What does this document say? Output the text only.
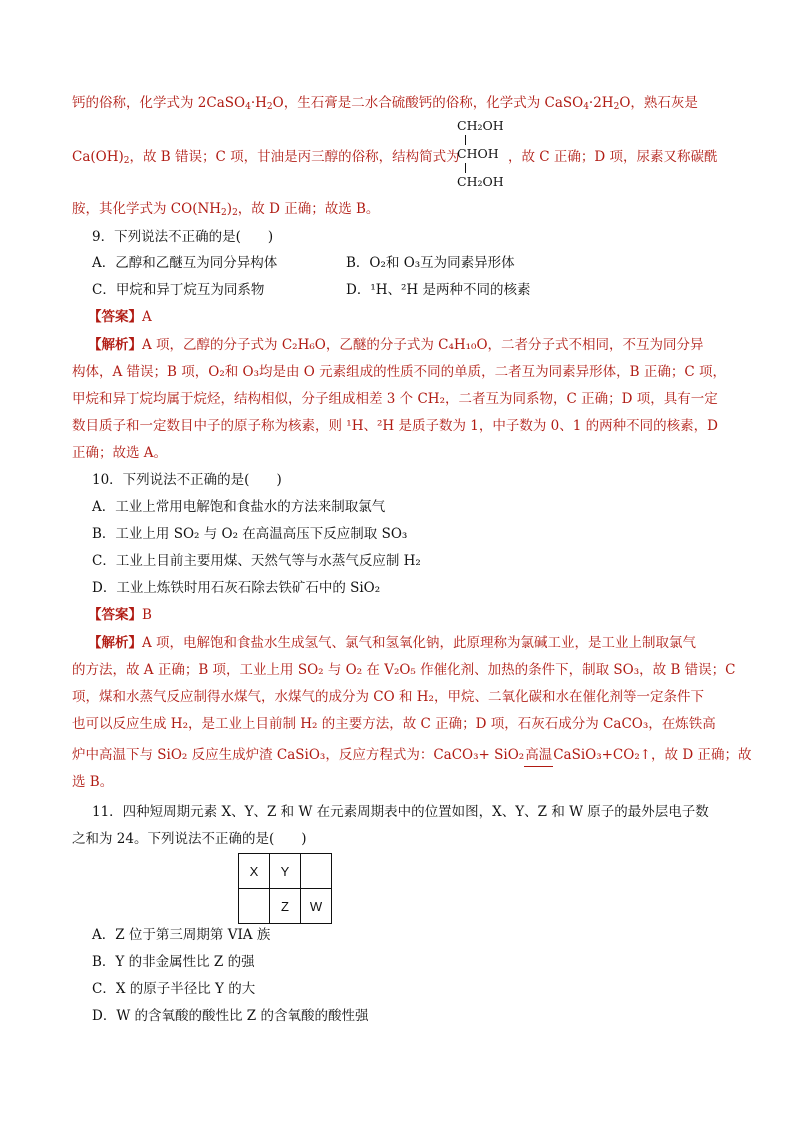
钙的俗称，化学式为 $2CaSO_4\cdot H_2O$，生石膏是二水合硫酸钙的俗称，化学式为 $CaSO_4\cdot 2H_2O$，熟石灰是
$Ca(OH)_2$，故 B 错误；C 项，甘油是丙三醇的俗称，结构简式为
CH₂OH
CHOH
CH₂OH
，故 C 正确；D 项，尿素又称碳酰
胺，其化学式为 $CO(NH_2)_2$，故 D 正确；故选 B。
9．下列说法不正确的是(　　)
A．乙醇和乙醚互为同分异构体	B．O₂和 O₃互为同素异形体
C．甲烷和异丁烷互为同系物	D．¹H、²H 是两种不同的核素
【答案】A
【解析】A 项，乙醇的分子式为 C₂H₆O，乙醚的分子式为 C₄H₁₀O，二者分子式不相同，不互为同分异
构体，A 错误；B 项，O₂和 O₃均是由 O 元素组成的性质不同的单质，二者互为同素异形体，B 正确；C 项，
甲烷和异丁烷均属于烷烃，结构相似，分子组成相差 3 个 CH₂，二者互为同系物，C 正确；D 项，具有一定
数目质子和一定数目中子的原子称为核素，则 ¹H、²H 是质子数为 1，中子数为 0、1 的两种不同的核素，D
正确；故选 A。
10．下列说法不正确的是(　　)
A．工业上常用电解饱和食盐水的方法来制取氯气
B．工业上用 SO₂ 与 O₂ 在高温高压下反应制取 SO₃
C．工业上目前主要用煤、天然气等与水蒸气反应制 H₂
D．工业上炼铁时用石灰石除去铁矿石中的 SiO₂
【答案】B
【解析】A 项，电解饱和食盐水生成氢气、氯气和氢氧化钠，此原理称为氯碱工业，是工业上制取氯气
的方法，故 A 正确；B 项，工业上用 SO₂ 与 O₂ 在 V₂O₅ 作催化剂、加热的条件下，制取 SO₃，故 B 错误；C
项，煤和水蒸气反应制得水煤气，水煤气的成分为 CO 和 H₂，甲烷、二氧化碳和水在催化剂等一定条件下
也可以反应生成 H₂，是工业上目前制 H₂ 的主要方法，故 C 正确；D 项，石灰石成分为 CaCO₃，在炼铁高
炉中高温下与 SiO₂ 反应生成炉渣 CaSiO₃，反应方程式为：CaCO₃+ SiO₂高温CaSiO₃+CO₂↑，故 D 正确；故
选 B。
11．四种短周期元素 X、Y、Z 和 W 在元素周期表中的位置如图，X、Y、Z 和 W 原子的最外层电子数
之和为 24。下列说法不正确的是(　　)
X	Y	
	Z	W
A．Z 位于第三周期第 VIA 族
B．Y 的非金属性比 Z 的强
C．X 的原子半径比 Y 的大
D．W 的含氧酸的酸性比 Z 的含氧酸的酸性强
